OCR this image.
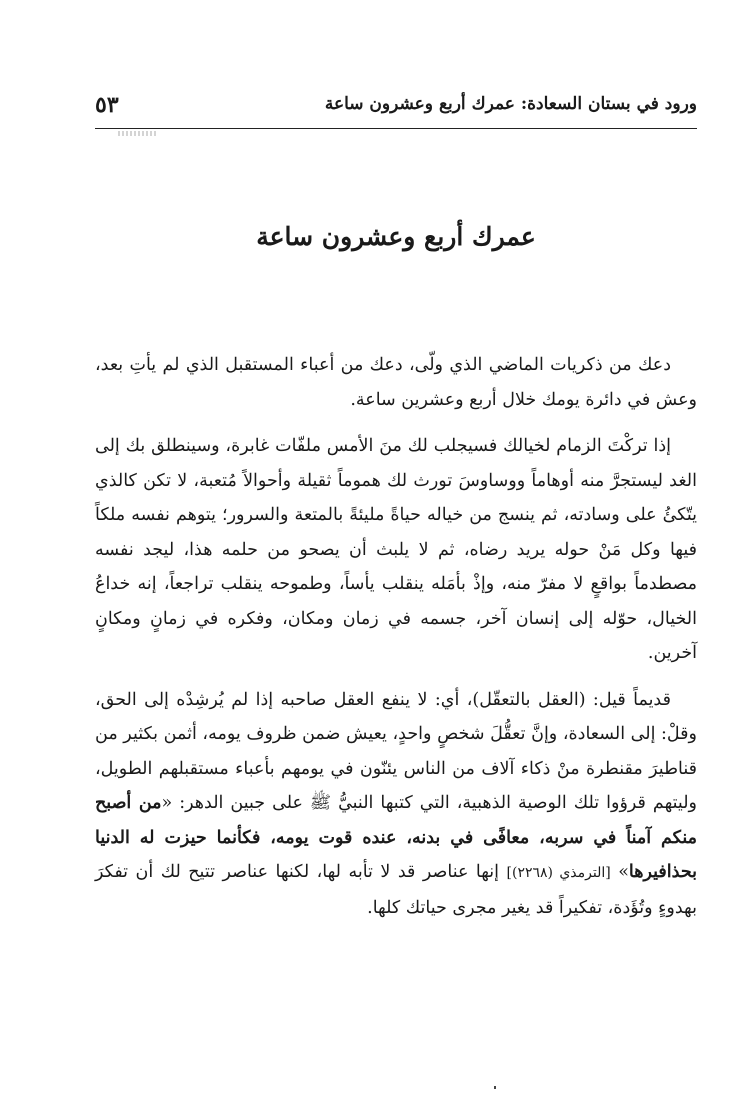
ورود في بستان السعادة: عمرك أربع وعشرون ساعة
٥٣
عمرك أربع وعشرون ساعة

دعك من ذكريات الماضي الذي ولّى، دعك من أعباء المستقبل الذي لم يأتِ بعد، وعش في دائرة يومك خلال أربع وعشرين ساعة.

إذا تركْتَ الزمام لخيالك فسيجلب لك منَ الأمس ملفّات غابرة، وسينطلق بك إلى الغد ليستجرَّ منه أوهاماً ووساوسَ تورث لك هموماً ثقيلة وأحوالاً مُتعبة، لا تكن كالذي يتّكئُ على وسادته، ثم ينسج من خياله حياةً مليئةً بالمتعة والسرور؛ يتوهم نفسه ملكاً فيها وكل مَنْ حوله يريد رضاه، ثم لا يلبث أن يصحو من حلمه هذا، ليجد نفسه مصطدماً بواقعٍ لا مفرّ منه، وإذْ بأمَله ينقلب يأساً، وطموحه ينقلب تراجعاً، إنه خداعُ الخيال، حوّله إلى إنسان آخر، جسمه في زمان ومكان، وفكره في زمانٍ ومكانٍ آخرين.

قديماً قيل: (العقل بالتعقّل)، أي: لا ينفع العقل صاحبه إذا لم يُرشِدْه إلى الحق، وقلْ: إلى السعادة، وإنَّ تعقُّلَ شخصٍ واحدٍ، يعيش ضمن ظروف يومه، أثمن بكثير من قناطيرَ مقنطرة منْ ذكاء آلاف من الناس يئنّون في يومهم بأعباء مستقبلهم الطويل، وليتهم قرؤوا تلك الوصية الذهبية، التي كتبها النبيُّ ﷺ على جبين الدهر: «من أصبح منكم آمناً في سربه، معافًى في بدنه، عنده قوت يومه، فكأنما حيزت له الدنيا بحذافيرها» [الترمذي (٢٢٦٨)] إنها عناصر قد لا تأبه لها، لكنها عناصر تتيح لك أن تفكرَ بهدوءٍ وتُؤَدة، تفكيراً قد يغير مجرى حياتك كلها.
